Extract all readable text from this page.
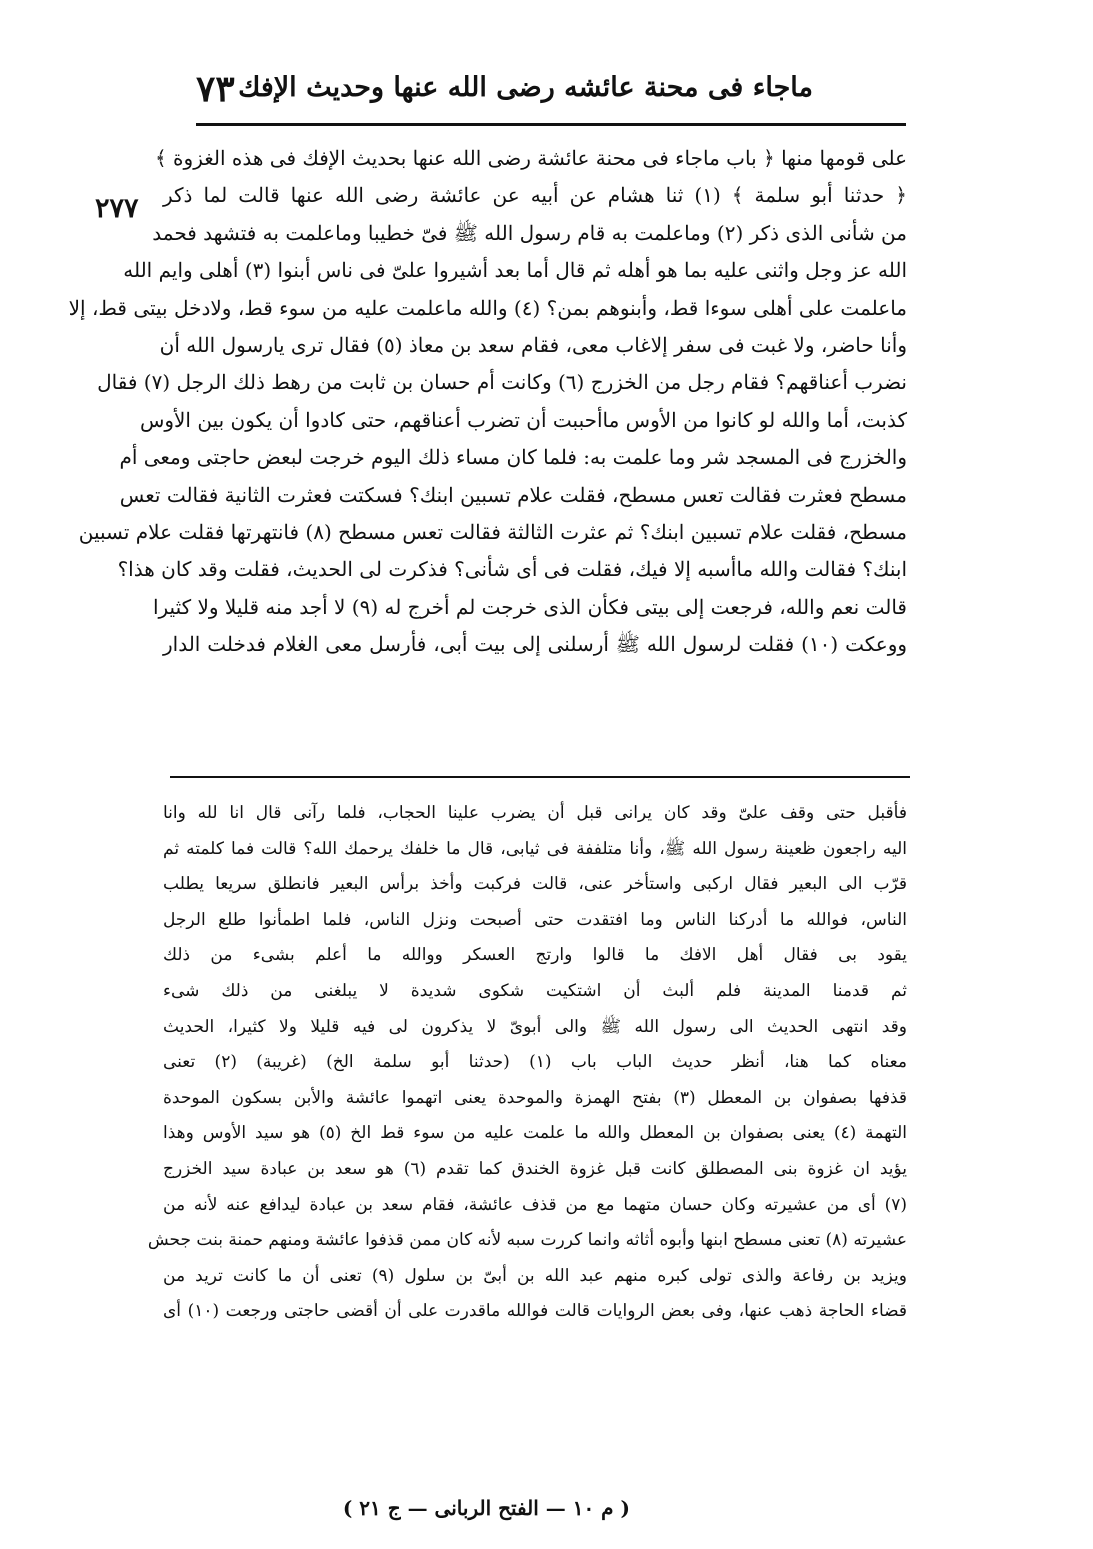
٧٣ ماجاء فى محنة عائشه رضى الله عنها وحديث الإفك
٢٧٧
على قومها منها ﴿ باب ماجاء فى محنة عائشة رضى الله عنها بحديث الإفك فى هذه الغزوة ﴾
﴿ حدثنا أبو سلمة ﴾ (١) ثنا هشام عن أبيه عن عائشة رضى الله عنها قالت لما ذكر
من شأنى الذى ذكر (٢) وماعلمت به قام رسول الله ﷺ فىّ خطيبا وماعلمت به فتشهد فحمد
الله عز وجل واثنى عليه بما هو أهله ثم قال أما بعد أشيروا علىّ فى ناس أبنوا (٣) أهلى وايم الله
ماعلمت على أهلى سوءا قط، وأبنوهم بمن؟ (٤) والله ماعلمت عليه من سوء قط، ولادخل بيتى قط، إلا
وأنا حاضر، ولا غبت فى سفر إلاغاب معى، فقام سعد بن معاذ (٥) فقال ترى يارسول الله أن
نضرب أعناقهم؟ فقام رجل من الخزرج (٦) وكانت أم حسان بن ثابت من رهط ذلك الرجل (٧) فقال
كذبت، أما والله لو كانوا من الأوس ماأحببت أن تضرب أعناقهم، حتى كادوا أن يكون بين الأوس
والخزرج فى المسجد شر وما علمت به: فلما كان مساء ذلك اليوم خرجت لبعض حاجتى ومعى أم
مسطح فعثرت فقالت تعس مسطح، فقلت علام تسبين ابنك؟ فسكتت فعثرت الثانية فقالت تعس
مسطح، فقلت علام تسبين ابنك؟ ثم عثرت الثالثة فقالت تعس مسطح (٨) فانتهرتها فقلت علام تسبين
ابنك؟ فقالت والله ماأسبه إلا فيك، فقلت فى أى شأنى؟ فذكرت لى الحديث، فقلت وقد كان هذا؟
قالت نعم والله، فرجعت إلى بيتى فكأن الذى خرجت لم أخرج له (٩) لا أجد منه قليلا ولا كثيرا
ووعكت (١٠) فقلت لرسول الله ﷺ أرسلنى إلى بيت أبى، فأرسل معى الغلام فدخلت الدار
فأقبل حتى وقف علىّ وقد كان يرانى قبل أن يضرب علينا الحجاب، فلما رآنى قال انا لله وانا
اليه راجعون ظعينة رسول الله ﷺ، وأنا متلففة فى ثيابى، قال ما خلفك يرحمك الله؟ قالت فما كلمته ثم
قرّب الى البعير فقال اركبى واستأخر عنى، قالت فركبت وأخذ برأس البعير فانطلق سريعا يطلب
الناس، فوالله ما أدركنا الناس وما افتقدت حتى أصبحت ونزل الناس، فلما اطمأنوا طلع الرجل
يقود بى فقال أهل الافك ما قالوا وارتج العسكر ووالله ما أعلم بشىء من ذلك
ثم قدمنا المدينة فلم ألبث أن اشتكيت شكوى شديدة لا يبلغنى من ذلك شىء
وقد انتهى الحديث الى رسول الله ﷺ والى أبوىّ لا يذكرون لى فيه قليلا ولا كثيرا، الحديث
معناه كما هنا، أنظر حديث الباب باب (١) (حدثنا أبو سلمة الخ) (غريبة) (٢) تعنى
قذفها بصفوان بن المعطل (٣) بفتح الهمزة والموحدة يعنى اتهموا عائشة والأبن بسكون الموحدة
التهمة (٤) يعنى بصفوان بن المعطل والله ما علمت عليه من سوء قط الخ (٥) هو سيد الأوس وهذا
يؤيد ان غزوة بنى المصطلق كانت قبل غزوة الخندق كما تقدم (٦) هو سعد بن عبادة سيد الخزرج
(٧) أى من عشيرته وكان حسان متهما مع من قذف عائشة، فقام سعد بن عبادة ليدافع عنه لأنه من
عشيرته (٨) تعنى مسطح ابنها وأبوه أثاثه وانما كررت سبه لأنه كان ممن قذفوا عائشة ومنهم حمنة بنت جحش
ويزيد بن رفاعة والذى تولى كبره منهم عبد الله بن أبىّ بن سلول (٩) تعنى أن ما كانت تريد من
قضاء الحاجة ذهب عنها، وفى بعض الروايات قالت فوالله ماقدرت على أن أقضى حاجتى ورجعت (١٠) أى
( م ١٠ — الفتح الربانى — ج ٢١ )
